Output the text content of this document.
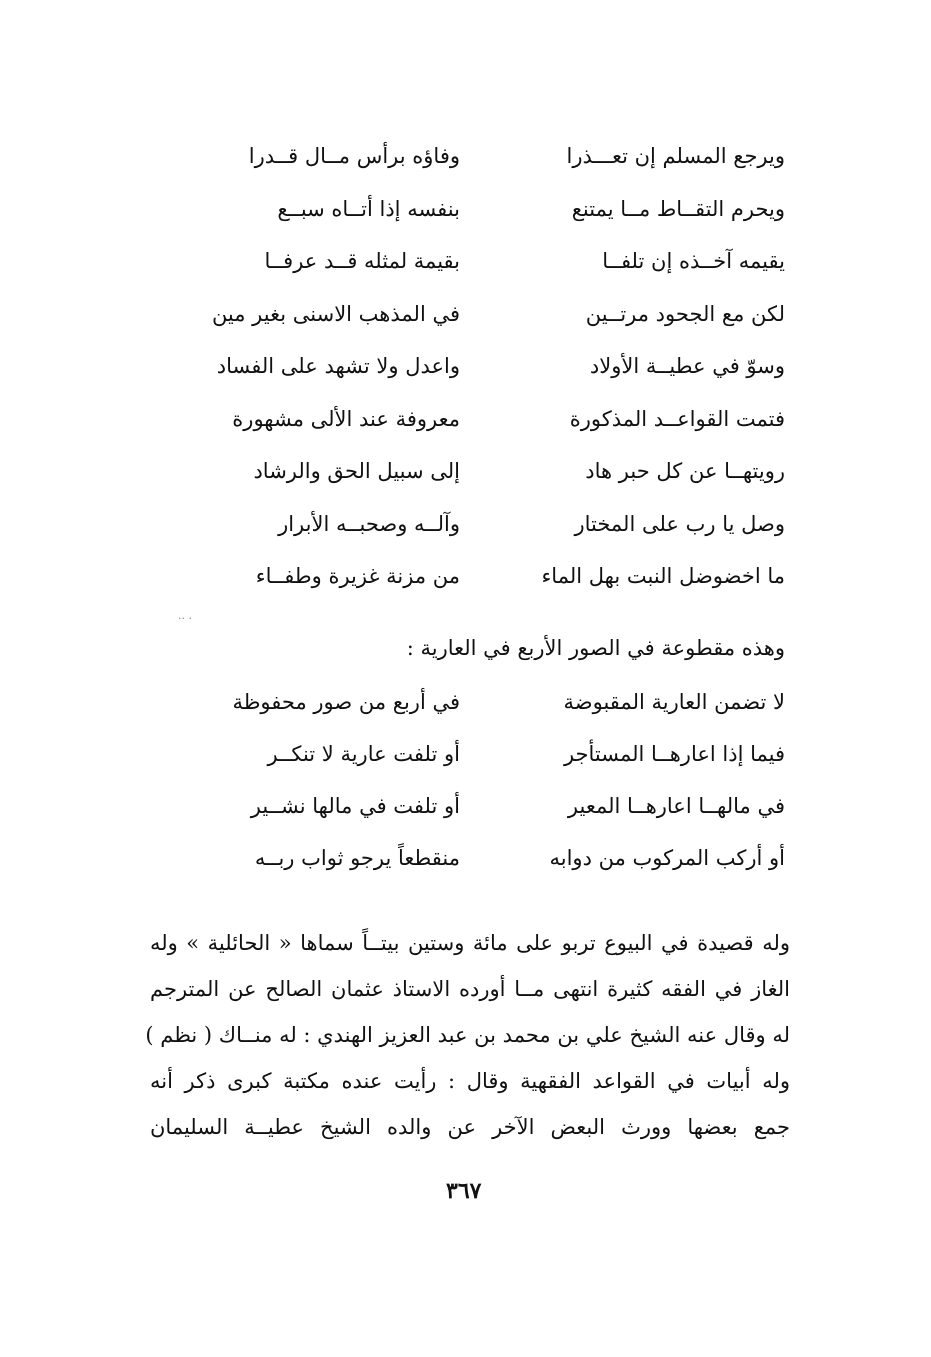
ويرجع المسلم إن تعـــذرا
وفاؤه برأس مــال قــدرا
ويحرم التقــاط مــا يمتنع
بنفسه إذا أتــاه سبــع
يقيمه آخــذه إن تلفــا
بقيمة لمثله قــد عرفــا
لكن مع الجحود مرتــين
في المذهب الاسنى بغير مين
وسوّ في عطيــة الأولاد
واعدل ولا تشهد على الفساد
فتمت القواعــد المذكورة
معروفة عند الألى مشهورة
رويتهــا عن كل حبر هاد
إلى سبيل الحق والرشاد
وصل يا رب على المختار
وآلــه وصحبــه الأبرار
ما اخضوضل النبت بهل الماء
من مزنة غزيرة وطفــاء
·· ·
وهذه مقطوعة في الصور الأربع في العارية :
لا تضمن العارية المقبوضة
في أربع من صور محفوظة
فيما إذا اعارهــا المستأجر
أو تلفت عارية لا تنكــر
في مالهــا اعارهــا المعير
أو تلفت في مالها نشــير
أو أركب المركوب من دوابه
منقطعاً يرجو ثواب ربــه
وله قصيدة في البيوع تربو على مائة وستين بيتــاً سماها « الحائلية » وله
الغاز في الفقه كثيرة انتهى مــا أورده الاستاذ عثمان الصالح عن المترجم
له وقال عنه الشيخ علي بن محمد بن عبد العزيز الهندي : له منــاك ( نظم )
وله أبيات في القواعد الفقهية وقال : رأيت عنده مكتبة كبرى ذكر أنه
جمع بعضها وورث البعض الآخر عن والده الشيخ عطيــة السليمان
٣٦٧
